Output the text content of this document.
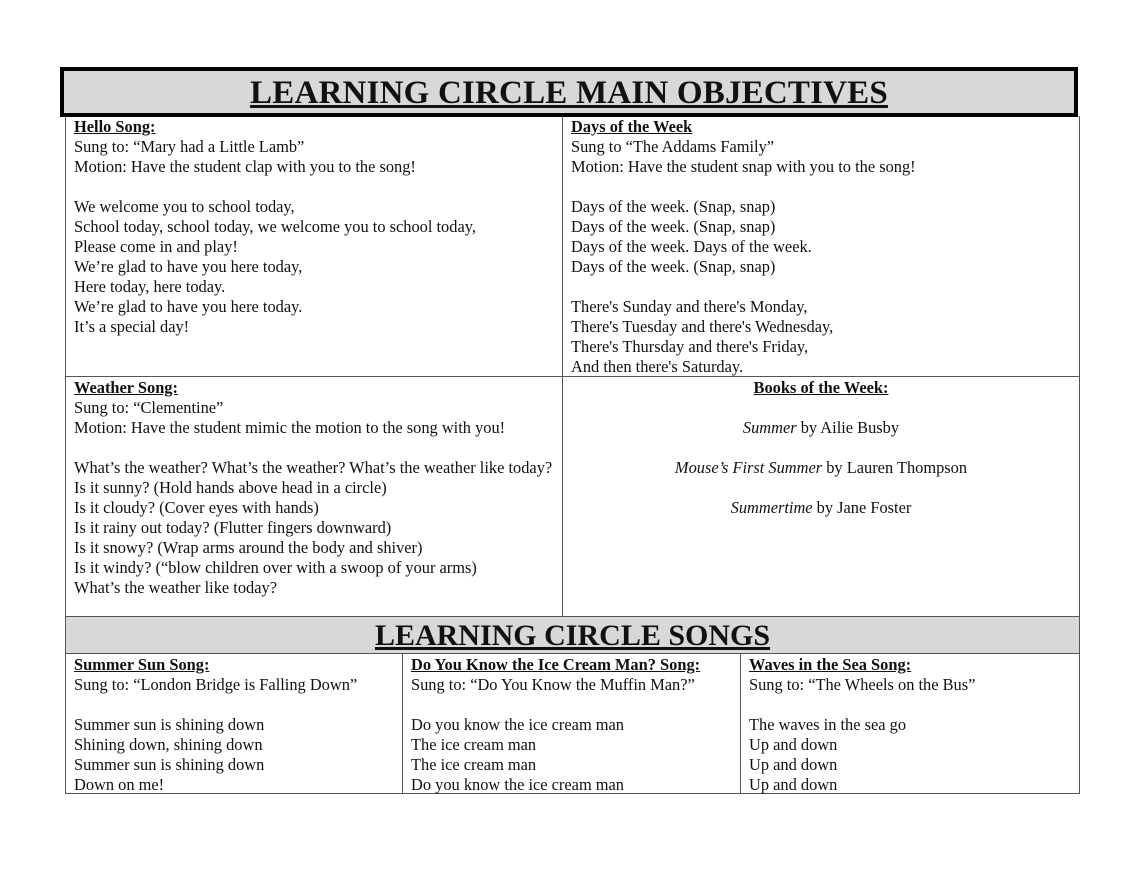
LEARNING CIRCLE MAIN OBJECTIVES
Hello Song:
Sung to: “Mary had a Little Lamb”
Motion: Have the student clap with you to the song!
We welcome you to school today,
School today, school today, we welcome you to school today,
Please come in and play!
We’re glad to have you here today,
Here today, here today.
We’re glad to have you here today.
It’s a special day!
Days of the Week
Sung to “The Addams Family”
Motion: Have the student snap with you to the song!
Days of the week. (Snap, snap)
Days of the week. (Snap, snap)
Days of the week. Days of the week.
Days of the week. (Snap, snap)
There's Sunday and there's Monday,
There's Tuesday and there's Wednesday,
There's Thursday and there's Friday,
And then there's Saturday.
Weather Song:
Sung to: “Clementine”
Motion: Have the student mimic the motion to the song with you!
What’s the weather? What’s the weather? What’s the weather like today?
Is it sunny? (Hold hands above head in a circle)
Is it cloudy? (Cover eyes with hands)
Is it rainy out today? (Flutter fingers downward)
Is it snowy? (Wrap arms around the body and shiver)
Is it windy? (“blow children over with a swoop of your arms)
What’s the weather like today?
Books of the Week:
Summer by Ailie Busby
Mouse’s First Summer by Lauren Thompson
Summertime by Jane Foster
LEARNING CIRCLE SONGS
Summer Sun Song:
Sung to: “London Bridge is Falling Down”
Summer sun is shining down
Shining down, shining down
Summer sun is shining down
Down on me!
Do You Know the Ice Cream Man? Song:
Sung to: “Do You Know the Muffin Man?”
Do you know the ice cream man
The ice cream man
The ice cream man
Do you know the ice cream man
Waves in the Sea Song:
Sung to: “The Wheels on the Bus”
The waves in the sea go
Up and down
Up and down
Up and down
